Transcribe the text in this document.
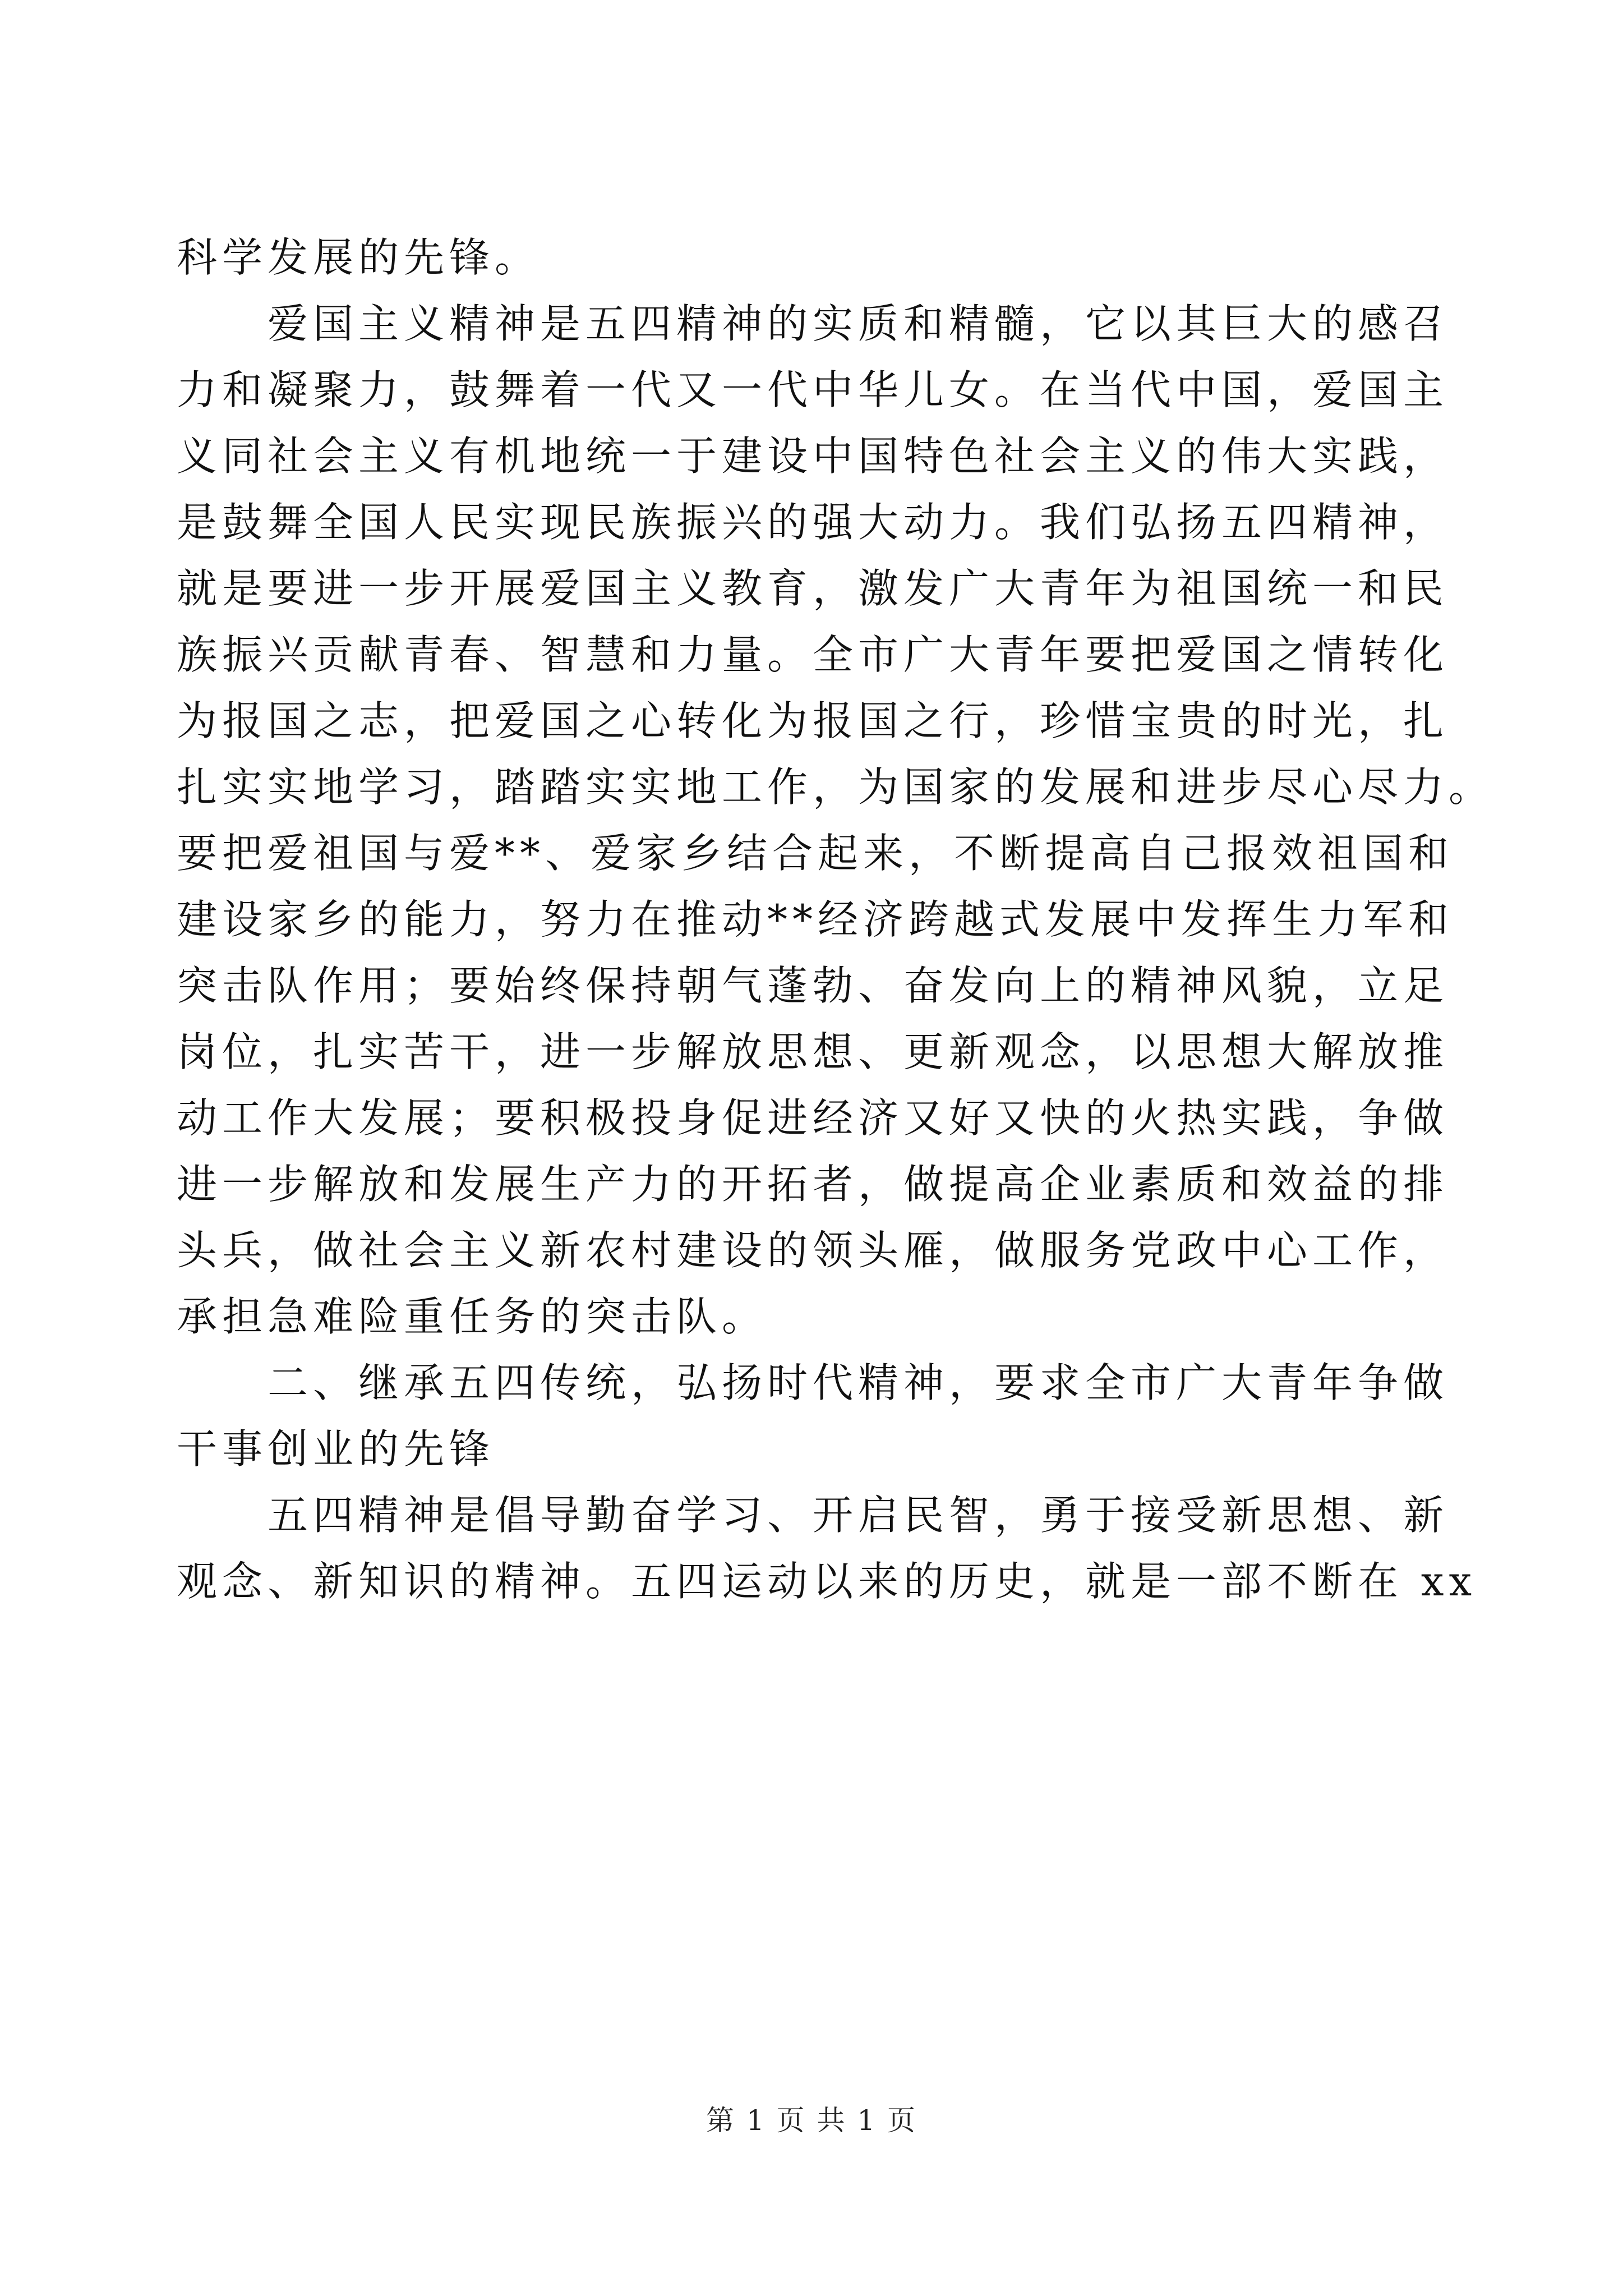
科学发展的先锋。
　　爱国主义精神是五四精神的实质和精髓，它以其巨大的感召
力和凝聚力，鼓舞着一代又一代中华儿女。在当代中国，爱国主
义同社会主义有机地统一于建设中国特色社会主义的伟大实践，
是鼓舞全国人民实现民族振兴的强大动力。我们弘扬五四精神，
就是要进一步开展爱国主义教育，激发广大青年为祖国统一和民
族振兴贡献青春、智慧和力量。全市广大青年要把爱国之情转化
为报国之志，把爱国之心转化为报国之行，珍惜宝贵的时光，扎
扎实实地学习，踏踏实实地工作，为国家的发展和进步尽心尽力。
要把爱祖国与爱**、爱家乡结合起来，不断提高自己报效祖国和
建设家乡的能力，努力在推动**经济跨越式发展中发挥生力军和
突击队作用；要始终保持朝气蓬勃、奋发向上的精神风貌，立足
岗位，扎实苦干，进一步解放思想、更新观念，以思想大解放推
动工作大发展；要积极投身促进经济又好又快的火热实践，争做
进一步解放和发展生产力的开拓者，做提高企业素质和效益的排
头兵，做社会主义新农村建设的领头雁，做服务党政中心工作，
承担急难险重任务的突击队。
　　二、继承五四传统，弘扬时代精神，要求全市广大青年争做
干事创业的先锋
　　五四精神是倡导勤奋学习、开启民智，勇于接受新思想、新
观念、新知识的精神。五四运动以来的历史，就是一部不断在 xx
第 1 页 共 1 页
